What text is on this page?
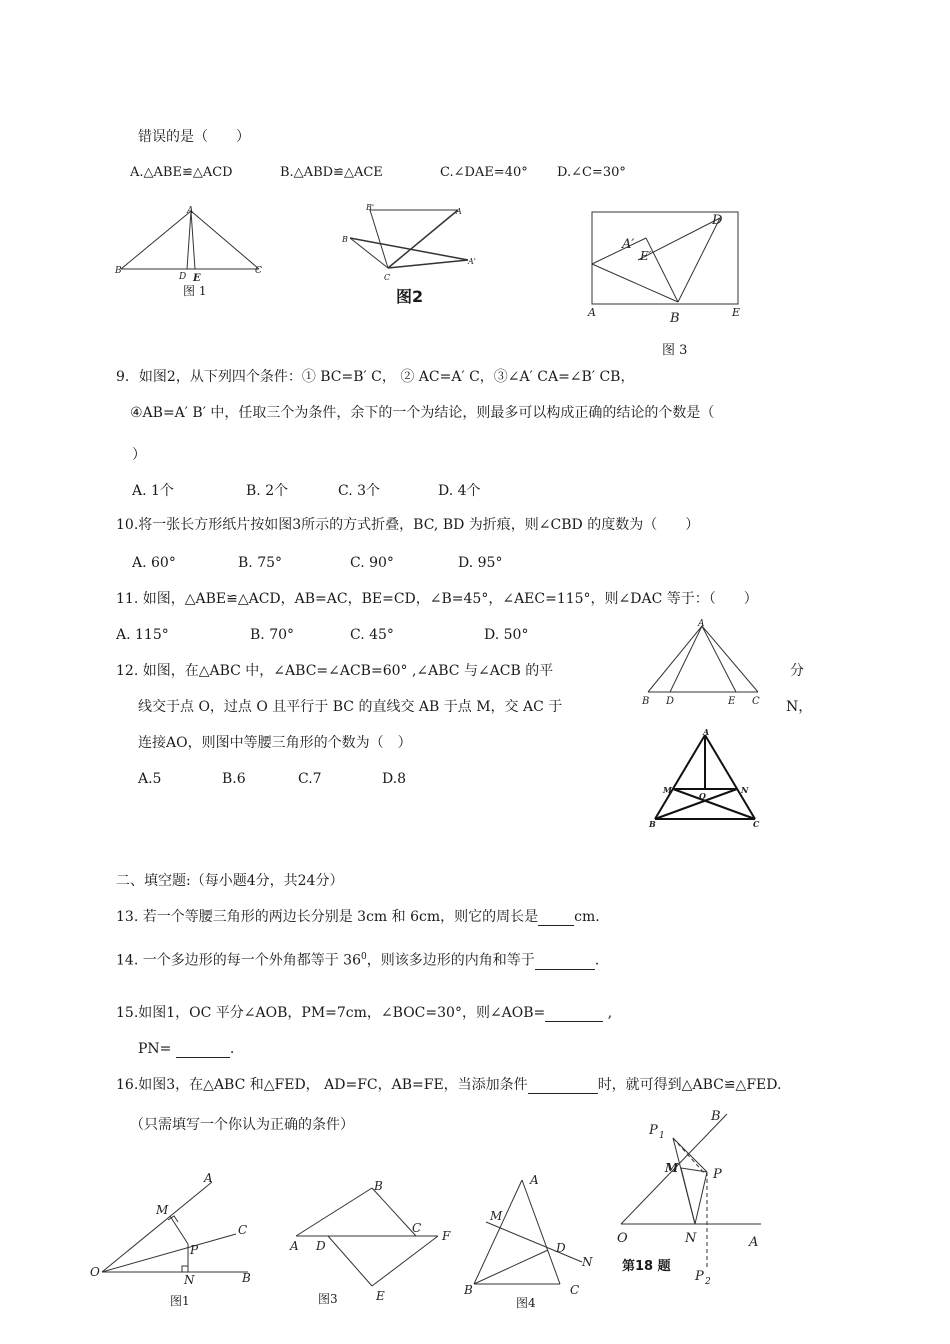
错误的是（　　）
A.△ABE≌△ACD	B.△ABD≌△ACE	C.∠DAE=40° D.∠C=30°
A
B	C
D E
图 1
B'	A
B
A'
C
图2
A′
E′
D
B
A	E
图 3
9．如图2，从下列四个条件：① BC=B′ C， ② AC=A′ C，③∠A′ CA=∠B′ CB，
④AB=A′ B′ 中，任取三个为条件，余下的一个为结论，则最多可以构成正确的结论的个数是（
）
A. 1个	B. 2个	C. 3个	D. 4个
10.将一张长方形纸片按如图3所示的方式折叠，BC, BD 为折痕，则∠CBD 的度数为（　　）
A. 60°	B. 75°	C. 90°	D. 95°
11. 如图，△ABE≌△ACD，AB=AC，BE=CD，∠B=45°，∠AEC=115°，则∠DAC 等于：（　　）
A. 115°	B. 70°	C. 45°	D. 50°
A
B D	E C
12. 如图，在△ABC 中，∠ABC=∠ACB=60° ,∠ABC 与∠ACB 的平	分
线交于点 O，过点 O 且平行于 BC 的直线交 AB 于点 M，交 AC 于	N，
连接AO，则图中等腰三角形的个数为（　）
A.5	B.6	C.7	D.8
A
M
O
N
B	C
二、填空题:（每小题4分，共24分）
13. 若一个等腰三角形的两边长分别是 3cm 和 6cm，则它的周长是	cm.
14. 一个多边形的每一个外角都等于 $36^0$，则该多边形的内角和等于	.
15.如图1，OC 平分∠AOB，PM=7cm，∠BOC=30°，则∠AOB=	,
PN=	.
16.如图3，在△ABC 和△FED， AD=FC，AB=FE，当添加条件	时，就可得到△ABC≌△FED.
（只需填写一个你认为正确的条件）
O
A
C
B
M
P
N
图1
B
A D
C
F
E
图3
A
M
D
N
B	C
图4
P 1
B
M	P
O	N	A
P 2
第18 题
